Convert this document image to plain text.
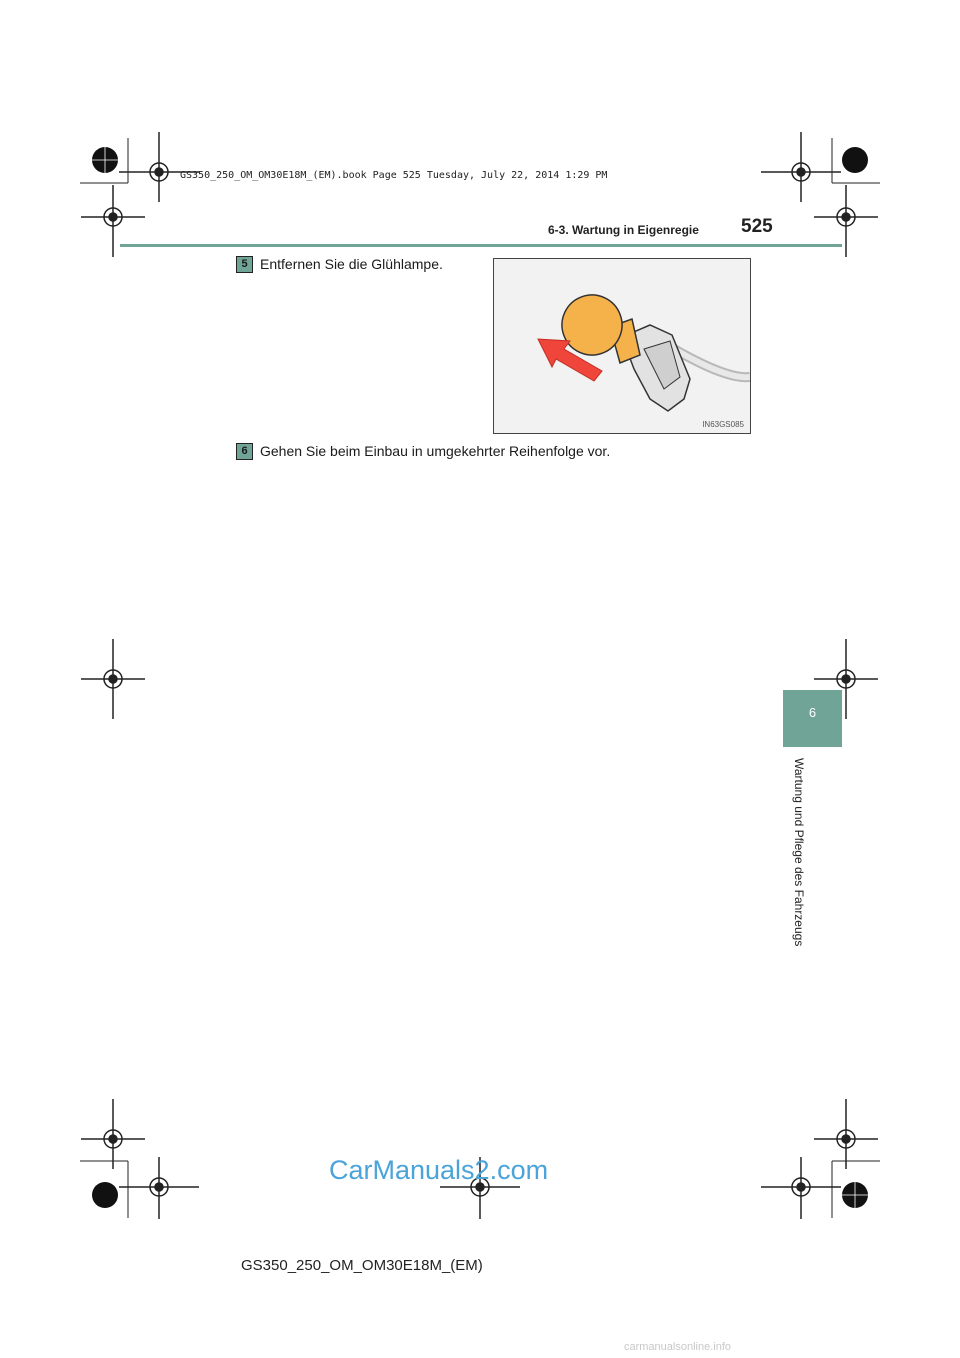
GS350_250_OM_OM30E18M_(EM).book Page 525 Tuesday, July 22, 2014 1:29 PM
6-3. Wartung in Eigenregie 525
6
Wartung und Pflege des Fahrzeugs
5 Entfernen Sie die Glühlampe.
IN63GS085
6 Gehen Sie beim Einbau in umgekehrter Reihenfolge vor.
CarManuals2.com
GS350_250_OM_OM30E18M_(EM)
carmanualsonline.info
